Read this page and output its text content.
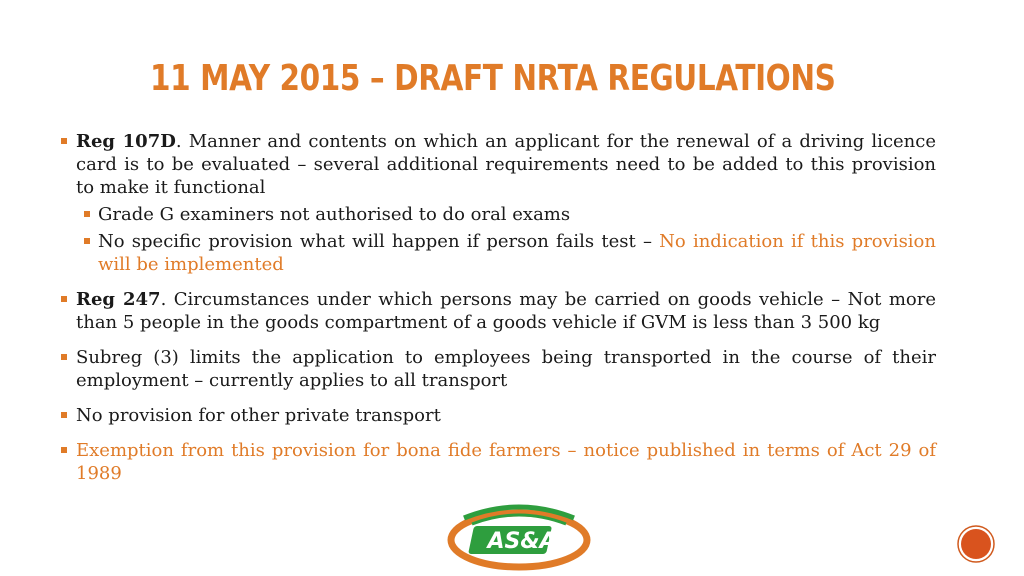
11 MAY 2015 – DRAFT NRTA REGULATIONS
Reg 107D. Manner and contents on which an applicant for the renewal of a driving licence card is to be evaluated – several additional requirements need to be added to this provision to make it functional
Grade G examiners not authorised to do oral exams
No specific provision what will happen if person fails test – No indication if this provision will be implemented
Reg 247. Circumstances under which persons may be carried on goods vehicle – Not more than 5 people in the goods compartment of a goods vehicle if GVM is less than 3 500 kg
Subreg (3) limits the application to employees being transported in the course of their employment – currently applies to all transport
No provision for other private transport
Exemption from this provision for bona fide farmers – notice published in terms of Act 29 of 1989
AS&A
